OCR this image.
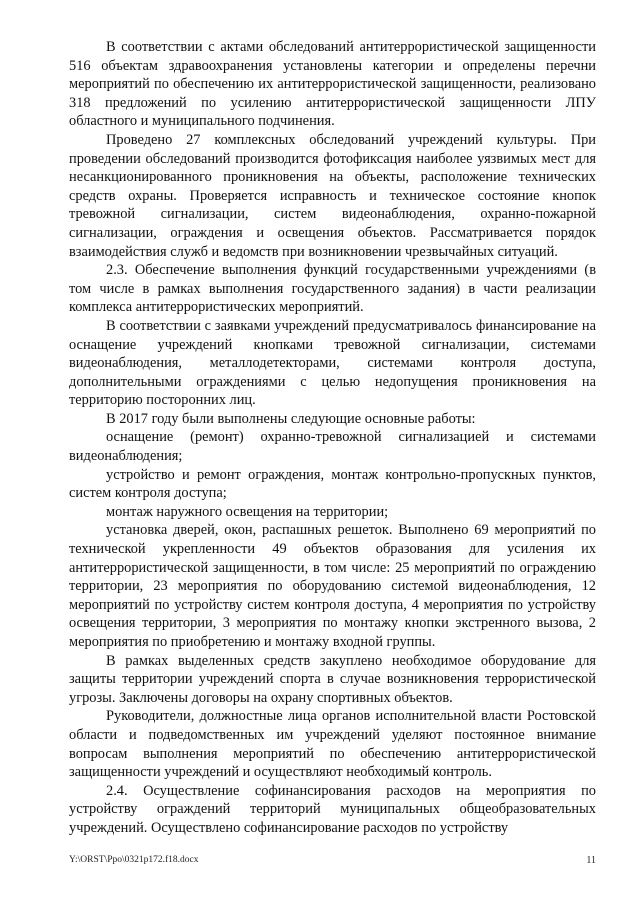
В соответствии с актами обследований антитеррористической защищенности 516 объектам здравоохранения установлены категории и определены перечни мероприятий по обеспечению их антитеррористической защищенности, реализовано 318 предложений по усилению антитеррористической защищенности ЛПУ областного и муниципального подчинения.

Проведено 27 комплексных обследований учреждений культуры. При проведении обследований производится фотофиксация наиболее уязвимых мест для несанкционированного проникновения на объекты, расположение технических средств охраны. Проверяется исправность и техническое состояние кнопок тревожной сигнализации, систем видеонаблюдения, охранно-пожарной сигнализации, ограждения и освещения объектов. Рассматривается порядок взаимодействия служб и ведомств при возникновении чрезвычайных ситуаций.

2.3. Обеспечение выполнения функций государственными учреждениями (в том числе в рамках выполнения государственного задания) в части реализации комплекса антитеррористических мероприятий.

В соответствии с заявками учреждений предусматривалось финансирование на оснащение учреждений кнопками тревожной сигнализации, системами видеонаблюдения, металлодетекторами, системами контроля доступа, дополнительными ограждениями с целью недопущения проникновения на территорию посторонних лиц.

В 2017 году были выполнены следующие основные работы:

оснащение (ремонт) охранно-тревожной сигнализацией и системами видеонаблюдения;

устройство и ремонт ограждения, монтаж контрольно-пропускных пунктов, систем контроля доступа;

монтаж наружного освещения на территории;

установка дверей, окон, распашных решеток. Выполнено 69 мероприятий по технической укрепленности 49 объектов образования для усиления их антитеррористической защищенности, в том числе: 25 мероприятий по ограждению территории, 23 мероприятия по оборудованию системой видеонаблюдения, 12 мероприятий по устройству систем контроля доступа, 4 мероприятия по устройству освещения территории, 3 мероприятия по монтажу кнопки экстренного вызова, 2 мероприятия по приобретению и монтажу входной группы.

В рамках выделенных средств закуплено необходимое оборудование для защиты территории учреждений спорта в случае возникновения террористической угрозы. Заключены договоры на охрану спортивных объектов.

Руководители, должностные лица органов исполнительной власти Ростовской области и подведомственных им учреждений уделяют постоянное внимание вопросам выполнения мероприятий по обеспечению антитеррористической защищенности учреждений и осуществляют необходимый контроль.

2.4. Осуществление софинансирования расходов на мероприятия по устройству ограждений территорий муниципальных общеобразовательных учреждений. Осуществлено софинансирование расходов по устройству

Y:\ORST\Ppo\0321p172.f18.docx	11
